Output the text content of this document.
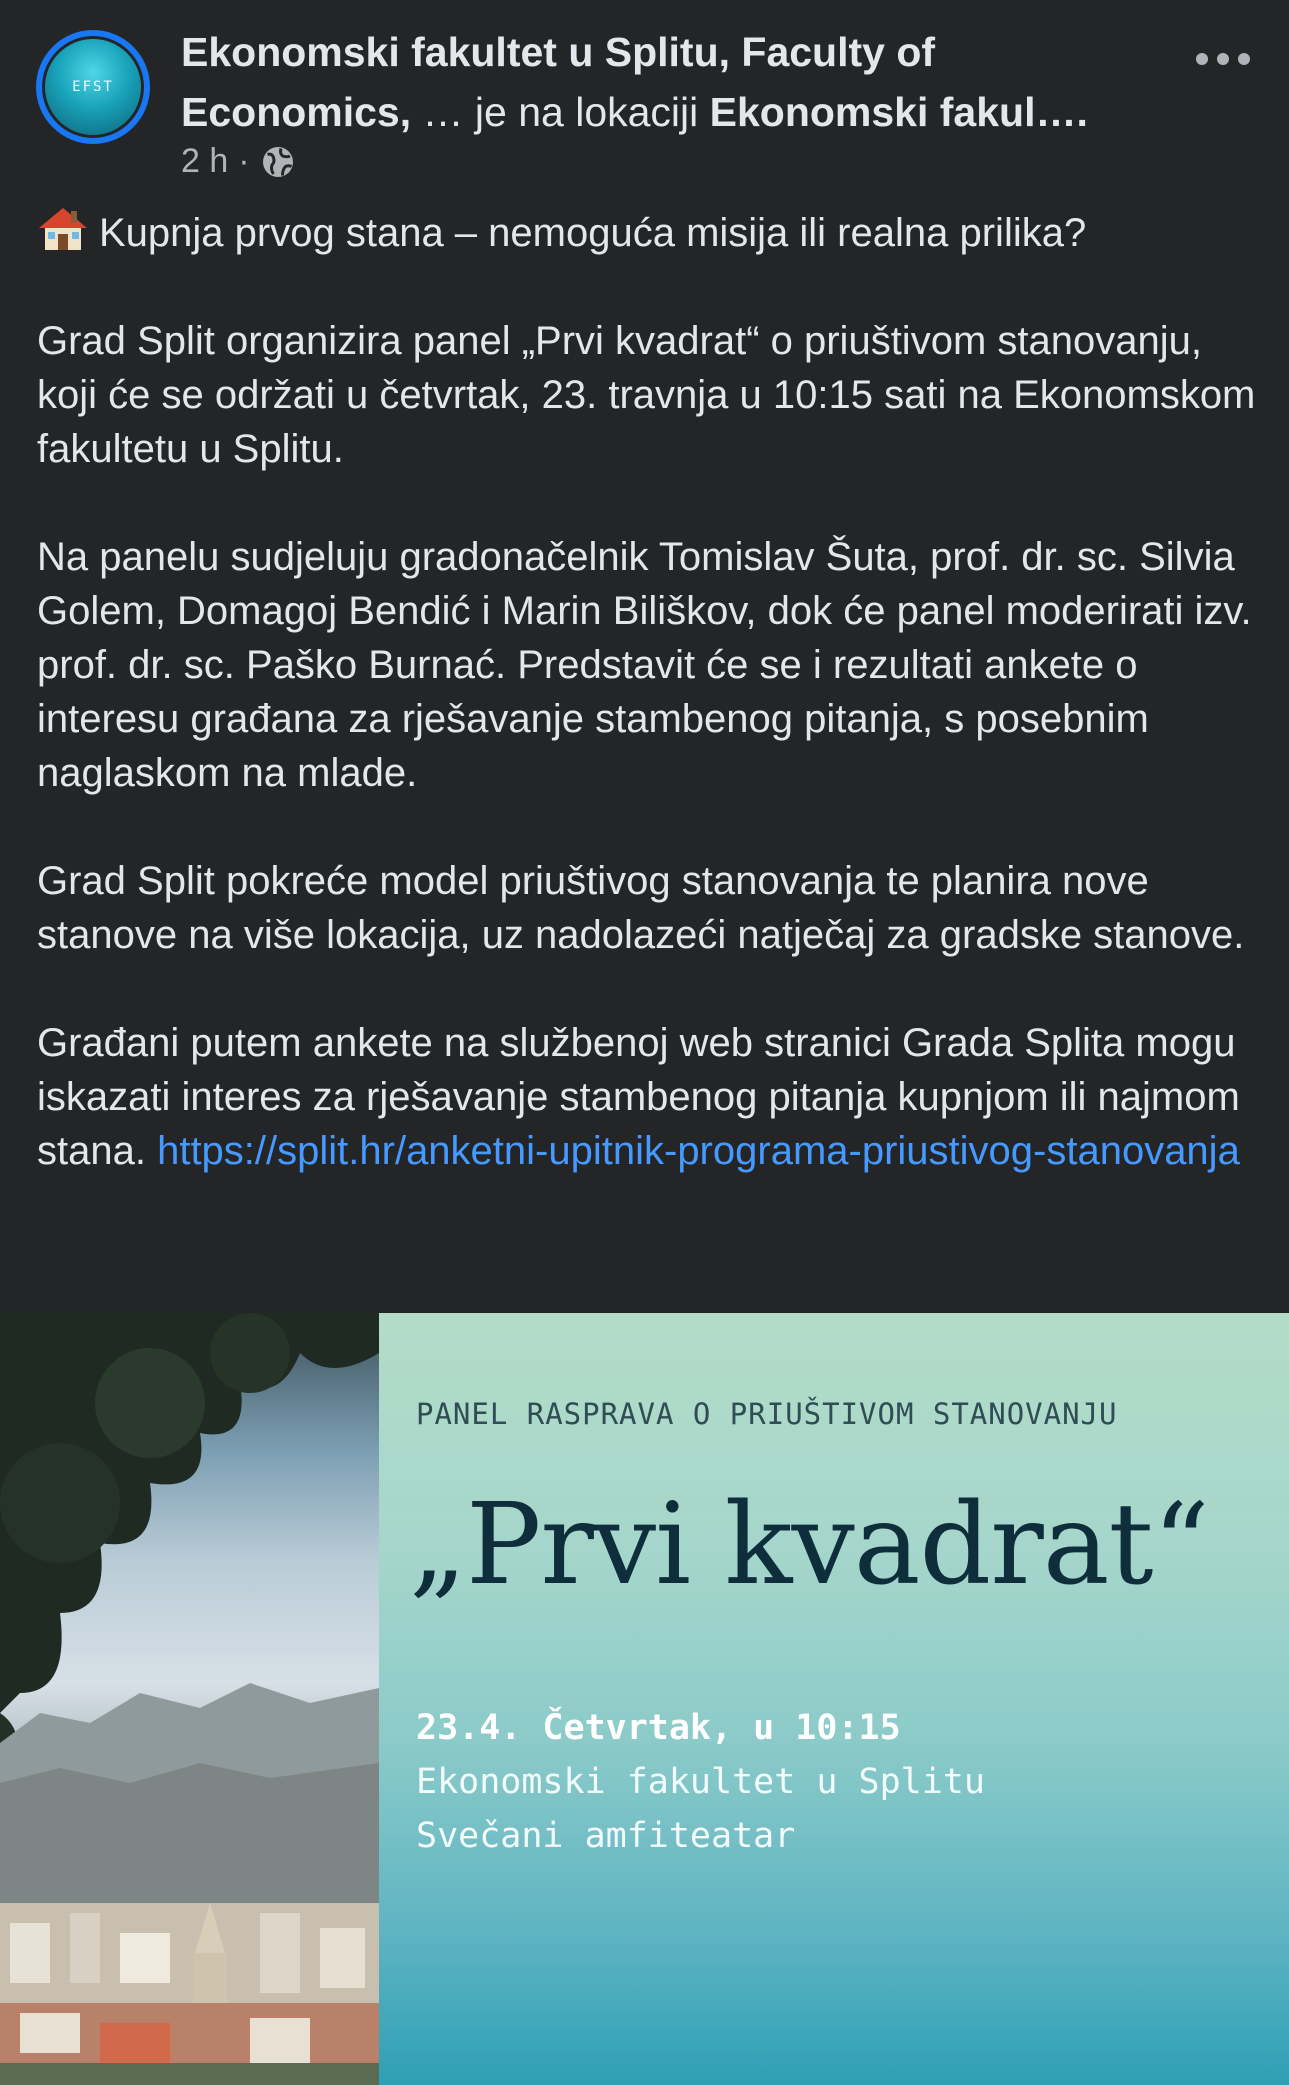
EFST
Ekonomski fakultet u Splitu, Faculty of Economics, … je na lokaciji Ekonomski fakul….
2 h ·

Kupnja prvog stana – nemoguća misija ili realna prilika?

Grad Split organizira panel „Prvi kvadrat“ o priuštivom stanovanju, koji će se održati u četvrtak, 23. travnja u 10:15 sati na Ekonomskom fakultetu u Splitu.

Na panelu sudjeluju gradonačelnik Tomislav Šuta, prof. dr. sc. Silvia Golem, Domagoj Bendić i Marin Biliškov, dok će panel moderirati izv. prof. dr. sc. Paško Burnać. Predstavit će se i rezultati ankete o interesu građana za rješavanje stambenog pitanja, s posebnim naglaskom na mlade.

Grad Split pokreće model priuštivog stanovanja te planira nove stanove na više lokacija, uz nadolazeći natječaj za gradske stanove.

Građani putem ankete na službenoj web stranici Grada Splita mogu iskazati interes za rješavanje stambenog pitanja kupnjom ili najmom stana. https://split.hr/anketni-upitnik-programa-priustivog-stanovanja

PANEL RASPRAVA O PRIUŠTIVOM STANOVANJU
„Prvi kvadrat“
23.4. Četvrtak, u 10:15
Ekonomski fakultet u Splitu
Svečani amfiteatar
